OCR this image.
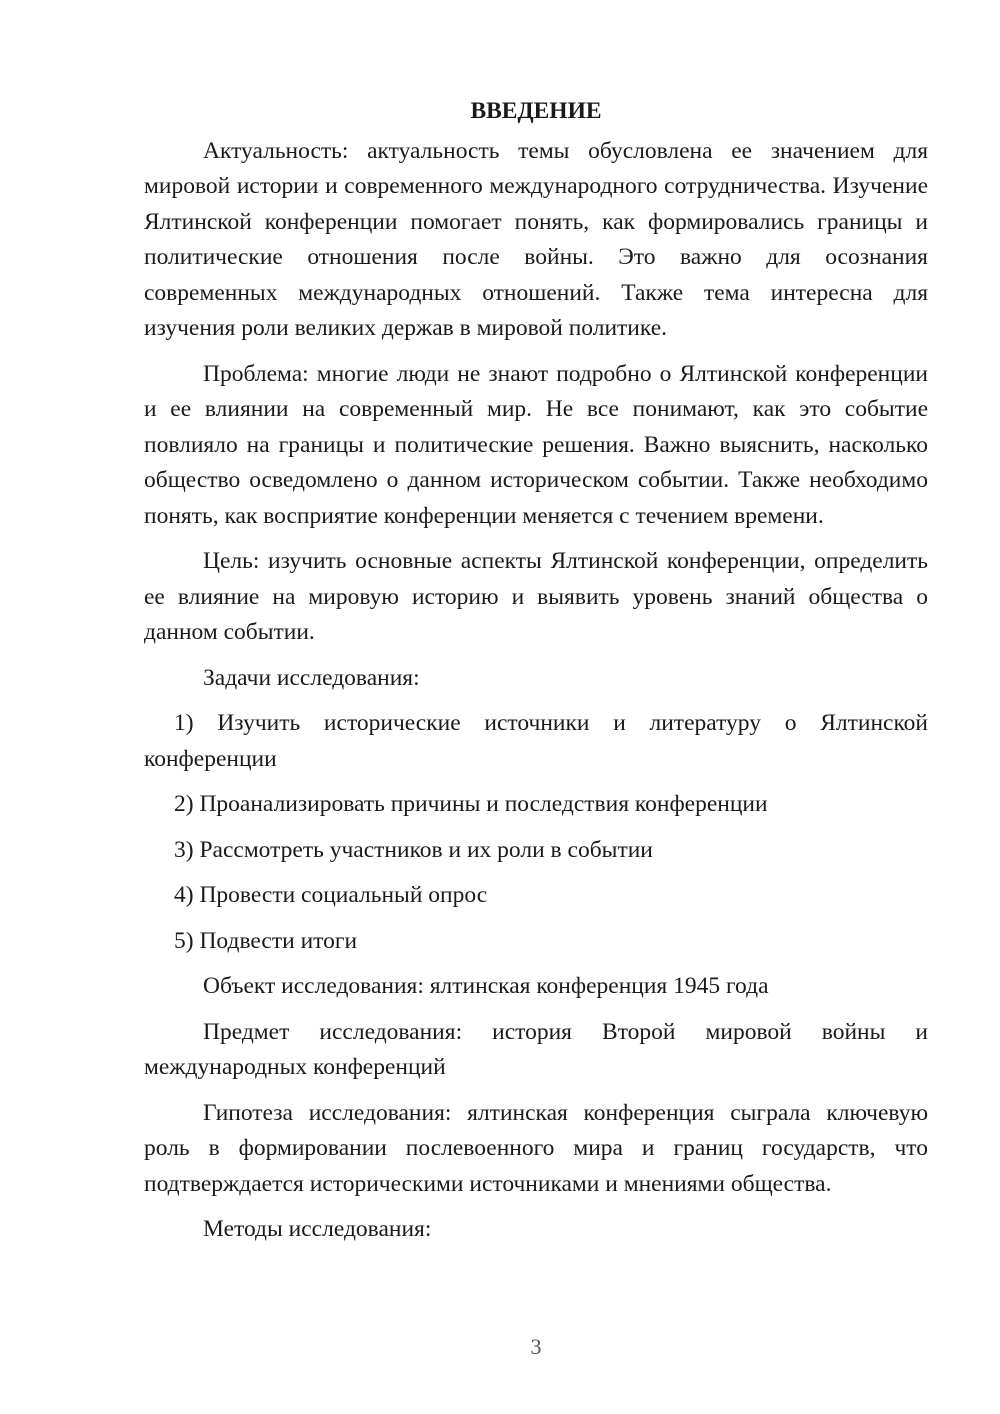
ВВЕДЕНИЕ

Актуальность: актуальность темы обусловлена ее значением для мировой истории и современного международного сотрудничества. Изучение Ялтинской конференции помогает понять, как формировались границы и политические отношения после войны. Это важно для осознания современных международных отношений. Также тема интересна для изучения роли великих держав в мировой политике.

Проблема: многие люди не знают подробно о Ялтинской конференции и ее влиянии на современный мир. Не все понимают, как это событие повлияло на границы и политические решения. Важно выяснить, насколько общество осведомлено о данном историческом событии. Также необходимо понять, как восприятие конференции меняется с течением времени.

Цель: изучить основные аспекты Ялтинской конференции, определить ее влияние на мировую историю и выявить уровень знаний общества о данном событии.

Задачи исследования:

1) Изучить исторические источники и литературу о Ялтинской конференции

2) Проанализировать причины и последствия конференции

3) Рассмотреть участников и их роли в событии

4) Провести социальный опрос

5) Подвести итоги

Объект исследования: ялтинская конференция 1945 года

Предмет исследования: история Второй мировой войны и международных конференций

Гипотеза исследования: ялтинская конференция сыграла ключевую роль в формировании послевоенного мира и границ государств, что подтверждается историческими источниками и мнениями общества.

Методы исследования:

3
